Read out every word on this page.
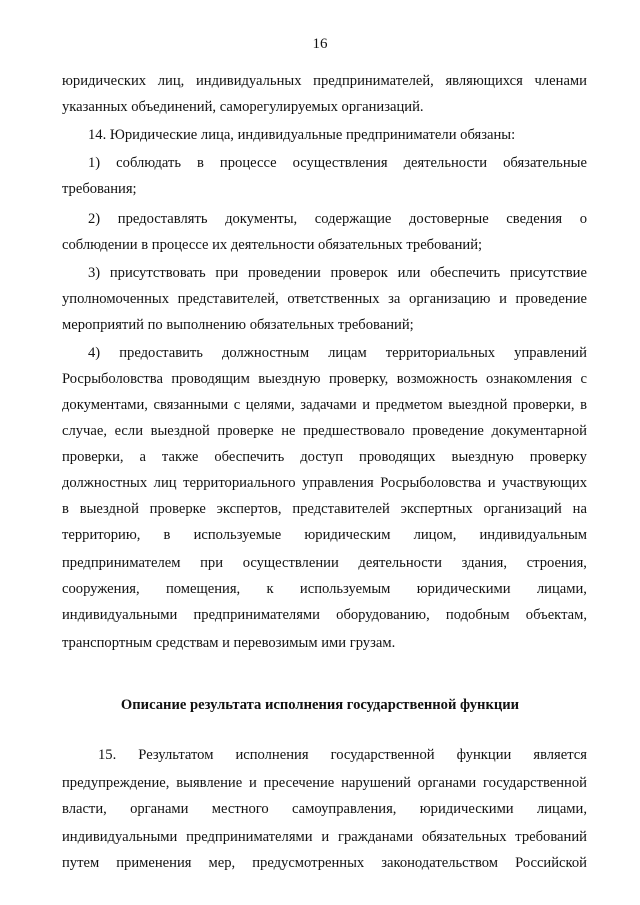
16
юридических лиц, индивидуальных предпринимателей, являющихся членами
указанных объединений, саморегулируемых организаций.
14. Юридические лица, индивидуальные предприниматели обязаны:
1) соблюдать в процессе осуществления деятельности обязательные
требования;
2) предоставлять документы, содержащие достоверные сведения о
соблюдении в процессе их деятельности обязательных требований;
3) присутствовать при проведении проверок или обеспечить присутствие
уполномоченных представителей, ответственных за организацию и проведение
мероприятий по выполнению обязательных требований;
4) предоставить должностным лицам территориальных управлений
Росрыболовства проводящим выездную проверку, возможность ознакомления с
документами, связанными с целями, задачами и предметом выездной проверки, в
случае, если выездной проверке не предшествовало проведение документарной
проверки, а также обеспечить доступ проводящих выездную проверку
должностных лиц территориального управления Росрыболовства и участвующих
в выездной проверке экспертов, представителей экспертных организаций на
территорию, в используемые юридическим лицом, индивидуальным
предпринимателем при осуществлении деятельности здания, строения,
сооружения, помещения, к используемым юридическими лицами,
индивидуальными предпринимателями оборудованию, подобным объектам,
транспортным средствам и перевозимым ими грузам.
15. Результатом исполнения государственной функции является
предупреждение, выявление и пресечение нарушений органами государственной
власти, органами местного самоуправления, юридическими лицами,
индивидуальными предпринимателями и гражданами обязательных требований
путем применения мер, предусмотренных законодательством Российской
Описание результата исполнения государственной функции
